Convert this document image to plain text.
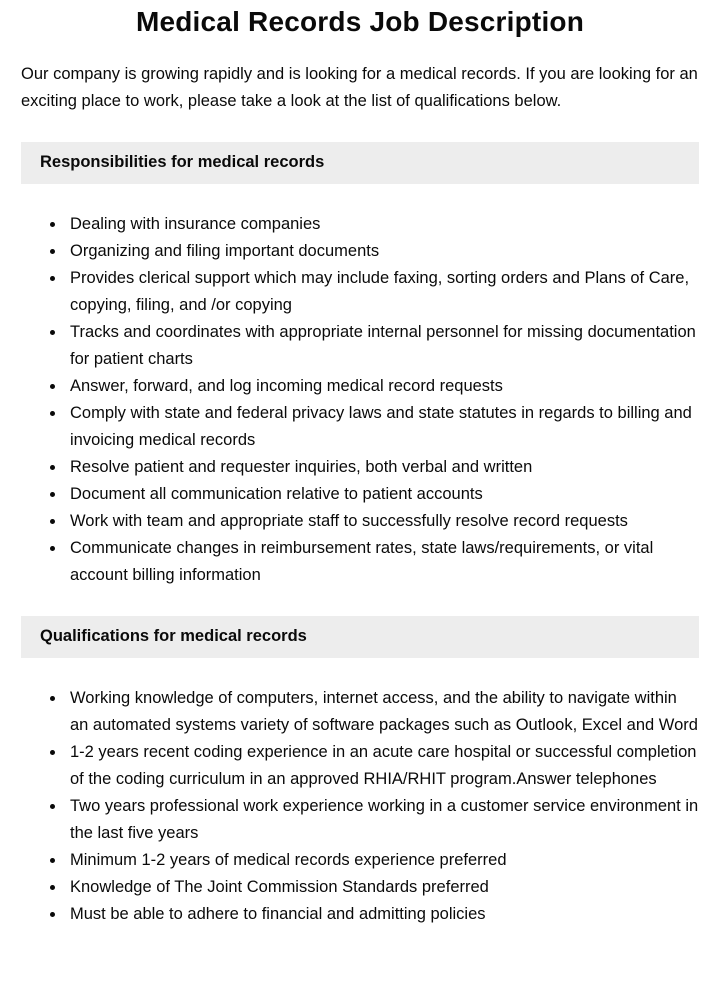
Medical Records Job Description

Our company is growing rapidly and is looking for a medical records. If you are looking for an exciting place to work, please take a look at the list of qualifications below.

Responsibilities for medical records
• Dealing with insurance companies
• Organizing and filing important documents
• Provides clerical support which may include faxing, sorting orders and Plans of Care, copying, filing, and /or copying
• Tracks and coordinates with appropriate internal personnel for missing documentation for patient charts
• Answer, forward, and log incoming medical record requests
• Comply with state and federal privacy laws and state statutes in regards to billing and invoicing medical records
• Resolve patient and requester inquiries, both verbal and written
• Document all communication relative to patient accounts
• Work with team and appropriate staff to successfully resolve record requests
• Communicate changes in reimbursement rates, state laws/requirements, or vital account billing information
Qualifications for medical records
• Working knowledge of computers, internet access, and the ability to navigate within an automated systems variety of software packages such as Outlook, Excel and Word
• 1-2 years recent coding experience in an acute care hospital or successful completion of the coding curriculum in an approved RHIA/RHIT program.Answer telephones
• Two years professional work experience working in a customer service environment in the last five years
• Minimum 1-2 years of medical records experience preferred
• Knowledge of The Joint Commission Standards preferred
• Must be able to adhere to financial and admitting policies
